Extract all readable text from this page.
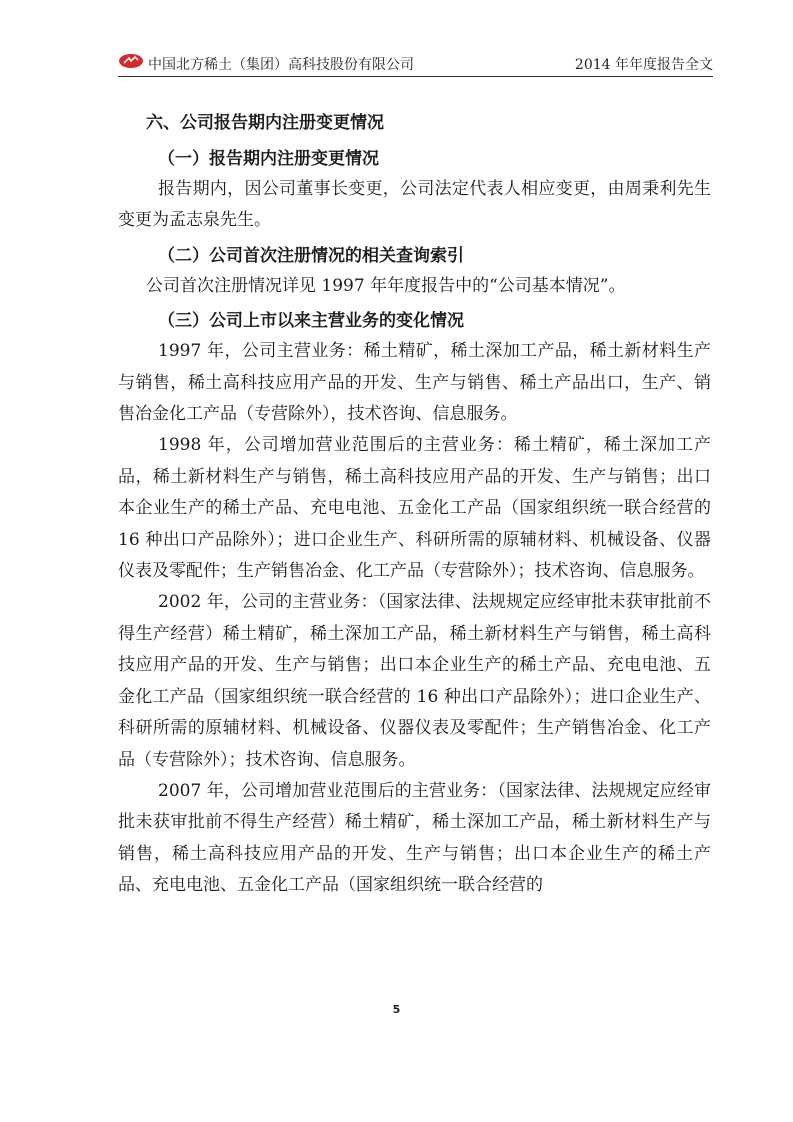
中国北方稀土（集团）高科技股份有限公司	2014 年年度报告全文
六、公司报告期内注册变更情况
（一）报告期内注册变更情况

报告期内，因公司董事长变更，公司法定代表人相应变更，由周秉利先生变更为孟志泉先生。

（二）公司首次注册情况的相关查询索引

公司首次注册情况详见 1997 年年度报告中的“公司基本情况”。

（三）公司上市以来主营业务的变化情况

1997 年，公司主营业务：稀土精矿，稀土深加工产品，稀土新材料生产与销售，稀土高科技应用产品的开发、生产与销售、稀土产品出口，生产、销售冶金化工产品（专营除外），技术咨询、信息服务。

1998 年，公司增加营业范围后的主营业务：稀土精矿，稀土深加工产品，稀土新材料生产与销售，稀土高科技应用产品的开发、生产与销售；出口本企业生产的稀土产品、充电电池、五金化工产品（国家组织统一联合经营的 16 种出口产品除外）；进口企业生产、科研所需的原辅材料、机械设备、仪器仪表及零配件；生产销售冶金、化工产品（专营除外）；技术咨询、信息服务。

2002 年，公司的主营业务：（国家法律、法规规定应经审批未获审批前不得生产经营）稀土精矿，稀土深加工产品，稀土新材料生产与销售，稀土高科技应用产品的开发、生产与销售；出口本企业生产的稀土产品、充电电池、五金化工产品（国家组织统一联合经营的 16 种出口产品除外）；进口企业生产、科研所需的原辅材料、机械设备、仪器仪表及零配件；生产销售冶金、化工产品（专营除外）；技术咨询、信息服务。

2007 年，公司增加营业范围后的主营业务：（国家法律、法规规定应经审批未获审批前不得生产经营）稀土精矿，稀土深加工产品，稀土新材料生产与销售，稀土高科技应用产品的开发、生产与销售；出口本企业生产的稀土产品、充电电池、五金化工产品（国家组织统一联合经营的

5
